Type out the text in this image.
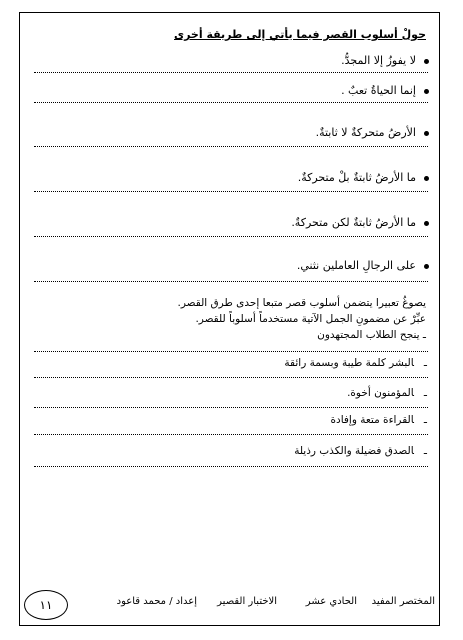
حولْ أسلوب القصر فيما يأتي إلى طريقة أخرى
لا يفوزُ إلا المجدُّ.
إنما الحياةُ تعبٌ .
الأرضُ متحركةٌ لا ثابتةٌ.
ما الأرضُ ثابتةٌ بلْ متحركةٌ.
ما الأرضُ ثابتةٌ لكن متحركةٌ.
على الرجالِ العاملين نثني.
يصوغُ تعبيرا يتضمن أسلوب قصر متبعا إحدى طرق القصر.
عبِّرْ عن مضمونِ الجمل الآتية مستخدماً أسلوباً للقصر.
ـ ينجح الطلاب المجتهدون
ـالبشر كلمة طيبة وبسمة رائقة
ـالمؤمنون أخوة.
ـالقراءة متعة وإفادة
ـالصدق فضيلة والكذب رذيلة
المختصر المفيد
الحادي عشر
الاختبار القصير
إعداد / محمد قاعود
١١
